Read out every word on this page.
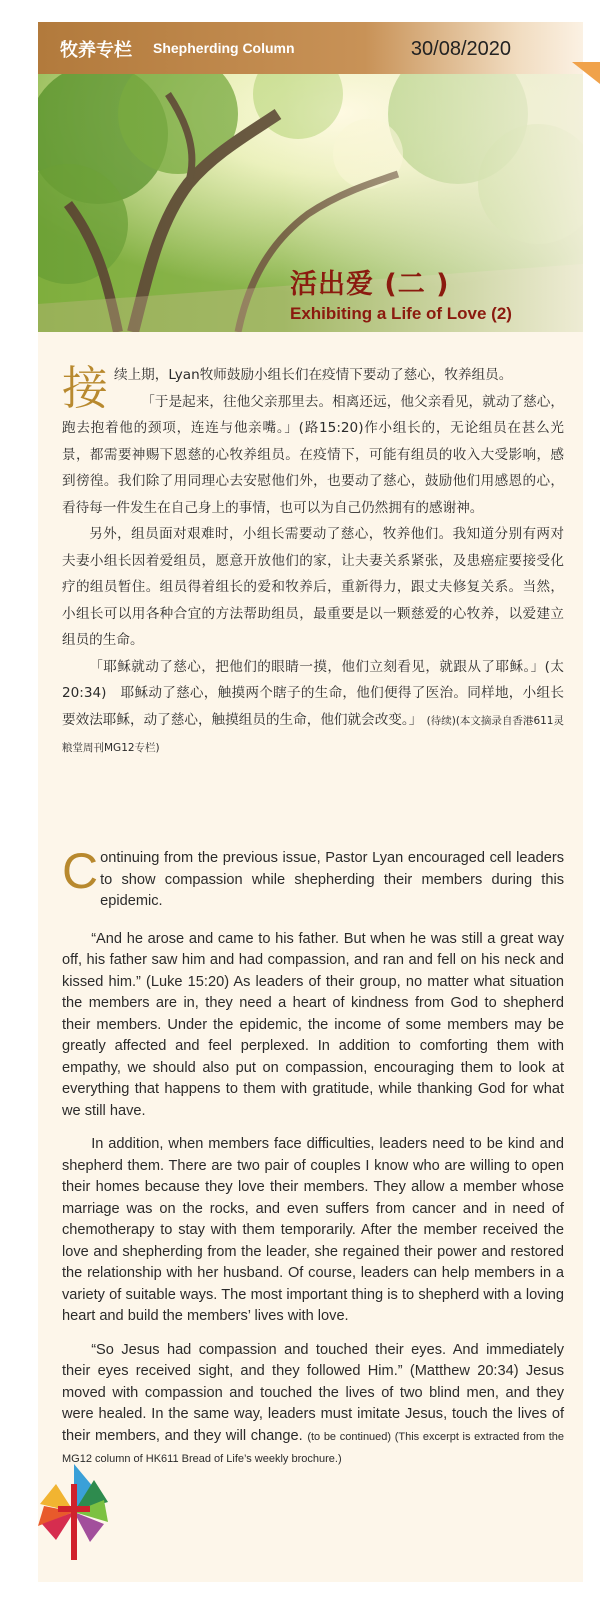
牧养专栏 Shepherding Column	30/08/2020
活出爱 (二 )
Exhibiting a Life of Love (2)

接续上期，Lyan牧师鼓励小组长们在疫情下要动了慈心，牧养组员。

「于是起来，往他父亲那里去。相离还远，他父亲看见，就动了慈心，跑去抱着他的颈项，连连与他亲嘴。」(路15:20)作小组长的，无论组员在甚么光景，都需要神赐下恩慈的心牧养组员。在疫情下，可能有组员的收入大受影响，感到徬徨。我们除了用同理心去安慰他们外，也要动了慈心，鼓励他们用感恩的心，看待每一件发生在自己身上的事情，也可以为自己仍然拥有的感谢神。

另外，组员面对艰难时，小组长需要动了慈心，牧养他们。我知道分别有两对夫妻小组长因着爱组员，愿意开放他们的家，让夫妻关系紧张，及患癌症要接受化疗的组员暂住。组员得着组长的爱和牧养后，重新得力，跟丈夫修复关系。当然，小组长可以用各种合宜的方法帮助组员，最重要是以一颗慈爱的心牧养，以爱建立组员的生命。

「耶稣就动了慈心，把他们的眼睛一摸，他们立刻看见，就跟从了耶稣。」(太20:34)　耶稣动了慈心，触摸两个瞎子的生命，他们便得了医治。同样地，小组长要效法耶稣，动了慈心，触摸组员的生命，他们就会改变。」 (待续)(本文摘录自香港611灵粮堂周刊MG12专栏)

Continuing from the previous issue, Pastor Lyan encouraged cell leaders to show compassion while shepherding their members during this epidemic.

“And he arose and came to his father. But when he was still a great way off, his father saw him and had compassion, and ran and fell on his neck and kissed him.” (Luke 15:20) As leaders of their group, no matter what situation the members are in, they need a heart of kindness from God to shepherd their members. Under the epidemic, the income of some members may be greatly affected and feel perplexed. In addition to comforting them with empathy, we should also put on compassion, encouraging them to look at everything that happens to them with gratitude, while thanking God for what we still have.

In addition, when members face difficulties, leaders need to be kind and shepherd them. There are two pair of couples I know who are willing to open their homes because they love their members. They allow a member whose marriage was on the rocks, and even suffers from cancer and in need of chemotherapy to stay with them temporarily. After the member received the love and shepherding from the leader, she regained their power and restored the relationship with her husband. Of course, leaders can help members in a variety of suitable ways. The most important thing is to shepherd with a loving heart and build the members’ lives with love.

“So Jesus had compassion and touched their eyes. And immediately their eyes received sight, and they followed Him.” (Matthew 20:34) Jesus moved with compassion and touched the lives of two blind men, and they were healed. In the same way, leaders must imitate Jesus, touch the lives of their members, and they will change. (to be continued) (This excerpt is extracted from the MG12 column of HK611 Bread of Life’s weekly brochure.)
